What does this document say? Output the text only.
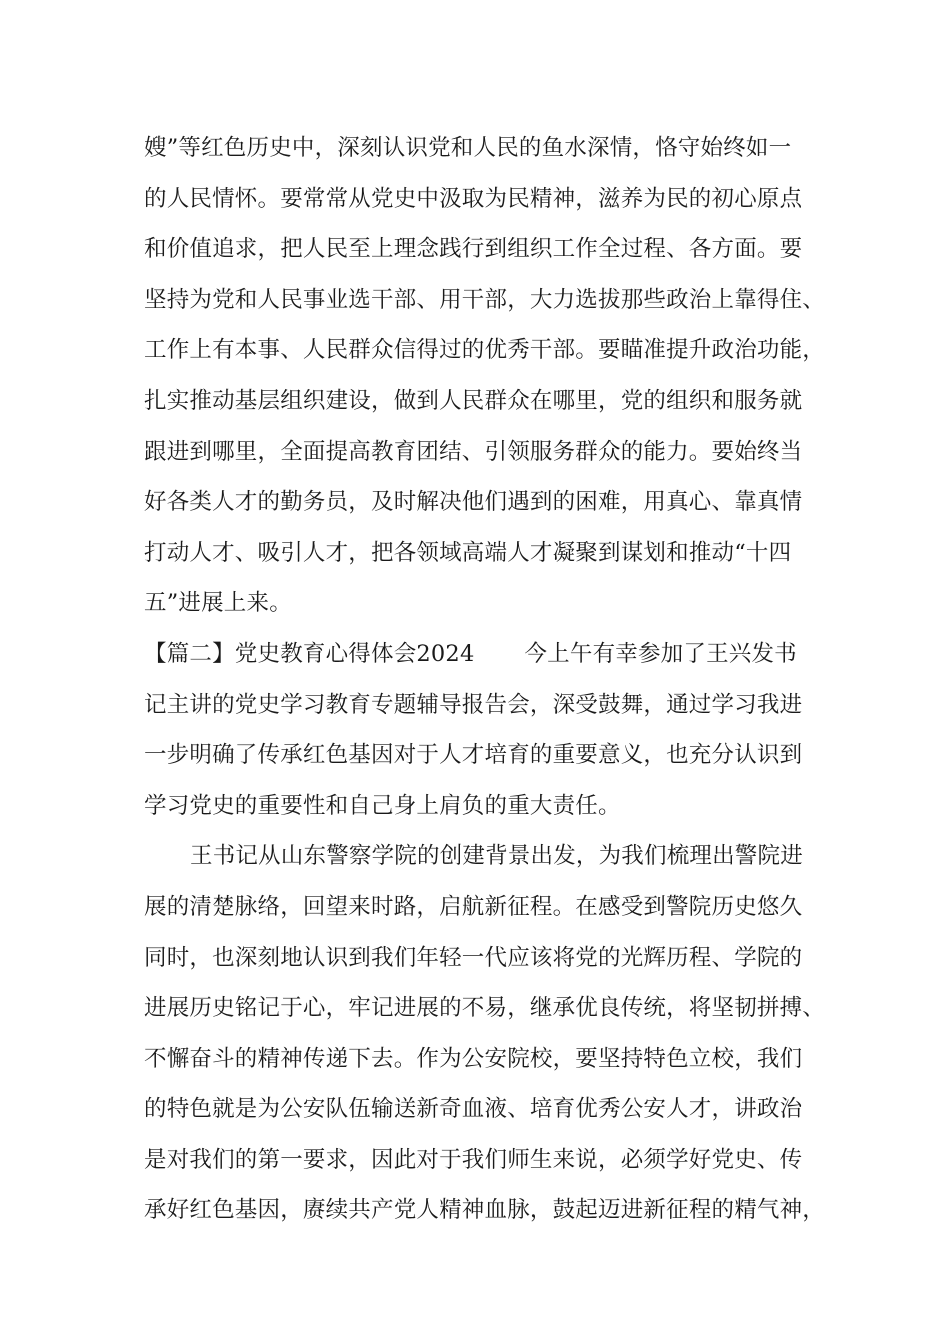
嫂”等红色历史中，深刻认识党和人民的鱼水深情，恪守始终如一
的人民情怀。要常常从党史中汲取为民精神，滋养为民的初心原点
和价值追求，把人民至上理念践行到组织工作全过程、各方面。要
坚持为党和人民事业选干部、用干部，大力选拔那些政治上靠得住、
工作上有本事、人民群众信得过的优秀干部。要瞄准提升政治功能，
扎实推动基层组织建设，做到人民群众在哪里，党的组织和服务就
跟进到哪里，全面提高教育团结、引领服务群众的能力。要始终当
好各类人才的勤务员，及时解决他们遇到的困难，用真心、靠真情
打动人才、吸引人才，把各领域高端人才凝聚到谋划和推动“十四
五”进展上来。
【篇二】党史教育心得体会2024 今上午有幸参加了王兴发书
记主讲的党史学习教育专题辅导报告会，深受鼓舞，通过学习我进
一步明确了传承红色基因对于人才培育的重要意义，也充分认识到
学习党史的重要性和自己身上肩负的重大责任。
王书记从山东警察学院的创建背景出发，为我们梳理出警院进
展的清楚脉络，回望来时路，启航新征程。在感受到警院历史悠久
同时，也深刻地认识到我们年轻一代应该将党的光辉历程、学院的
进展历史铭记于心，牢记进展的不易，继承优良传统，将坚韧拼搏、
不懈奋斗的精神传递下去。作为公安院校，要坚持特色立校，我们
的特色就是为公安队伍输送新奇血液、培育优秀公安人才，讲政治
是对我们的第一要求，因此对于我们师生来说，必须学好党史、传
承好红色基因，赓续共产党人精神血脉，鼓起迈进新征程的精气神，
